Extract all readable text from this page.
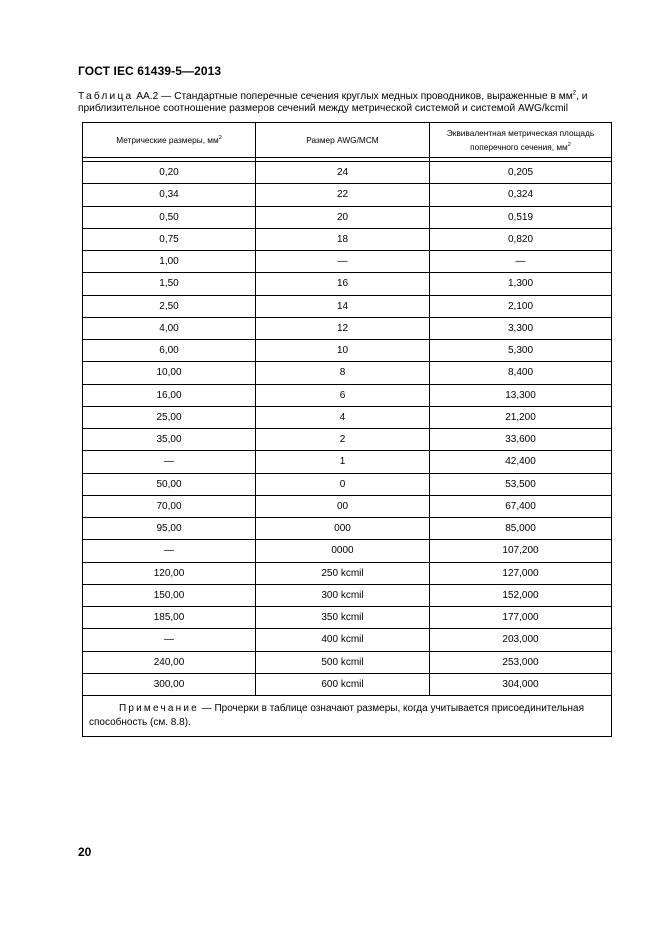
ГОСТ IEC 61439-5—2013
Таблица AA.2 — Стандартные поперечные сечения круглых медных проводников, выраженные в $мм^2$, и
приблизительное соотношение размеров сечений между метрической системой и системой AWG/kcmil
Метрические размеры, $мм^2$	Размер AWG/MCM	Эквивалентная метрическая площадь
поперечного сечения, $мм^2$

0,20	24	0,205
0,34	22	0,324
0,50	20	0,519
0,75	18	0,820
1,00	—	—
1,50	16	1,300
2,50	14	2,100
4,00	12	3,300
6,00	10	5,300
10,00	8	8,400
16,00	6	13,300
25,00	4	21,200
35,00	2	33,600
—	1	42,400
50,00	0	53,500
70,00	00	67,400
95,00	000	85,000
—	0000	107,200
120,00	250 kcmil	127,000
150,00	300 kcmil	152,000
185,00	350 kcmil	177,000
—	400 kcmil	203,000
240,00	500 kcmil	253,000
300,00	600 kcmil	304,000
Примечание — Прочерки в таблице означают размеры, когда учитывается присоединительная способность (см. 8.8).		
20
